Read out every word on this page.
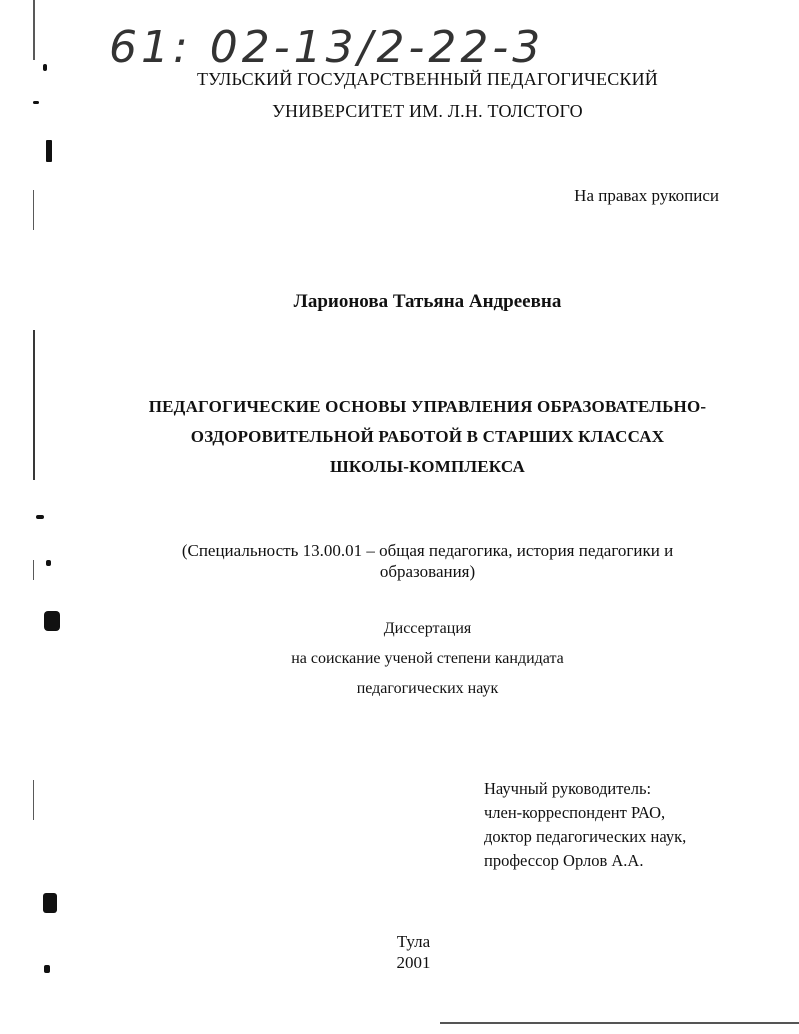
61: 02-13/2-22-3
ТУЛЬСКИЙ ГОСУДАРСТВЕННЫЙ ПЕДАГОГИЧЕСКИЙ
УНИВЕРСИТЕТ ИМ. Л.Н. ТОЛСТОГО
На правах рукописи
Ларионова Татьяна Андреевна
ПЕДАГОГИЧЕСКИЕ ОСНОВЫ УПРАВЛЕНИЯ ОБРАЗОВАТЕЛЬНО-
ОЗДОРОВИТЕЛЬНОЙ РАБОТОЙ В СТАРШИХ КЛАССАХ
ШКОЛЫ-КОМПЛЕКСА
(Специальность 13.00.01 – общая педагогика, история педагогики и
образования)
Диссертация
на соискание ученой степени кандидата
педагогических наук
Научный руководитель:
член-корреспондент РАО,
доктор педагогических наук,
профессор Орлов А.А.
Тула
2001
